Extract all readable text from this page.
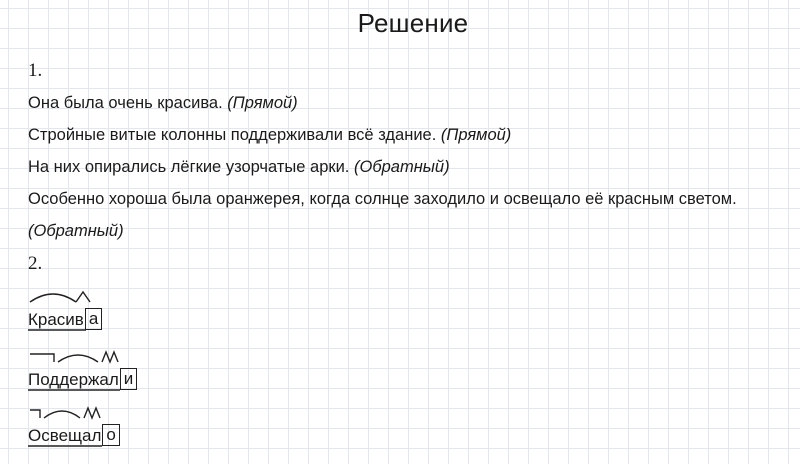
Решение
1.
Она была очень красива. (Прямой)
Стройные витые колонны поддерживали всё здание. (Прямой)
На них опирались лёгкие узорчатые арки. (Обратный)
Особенно хороша была оранжерея, когда солнце заходило и освещало её красным светом.
(Обратный)
2.
Красив а
Поддержал и
Освещал о
